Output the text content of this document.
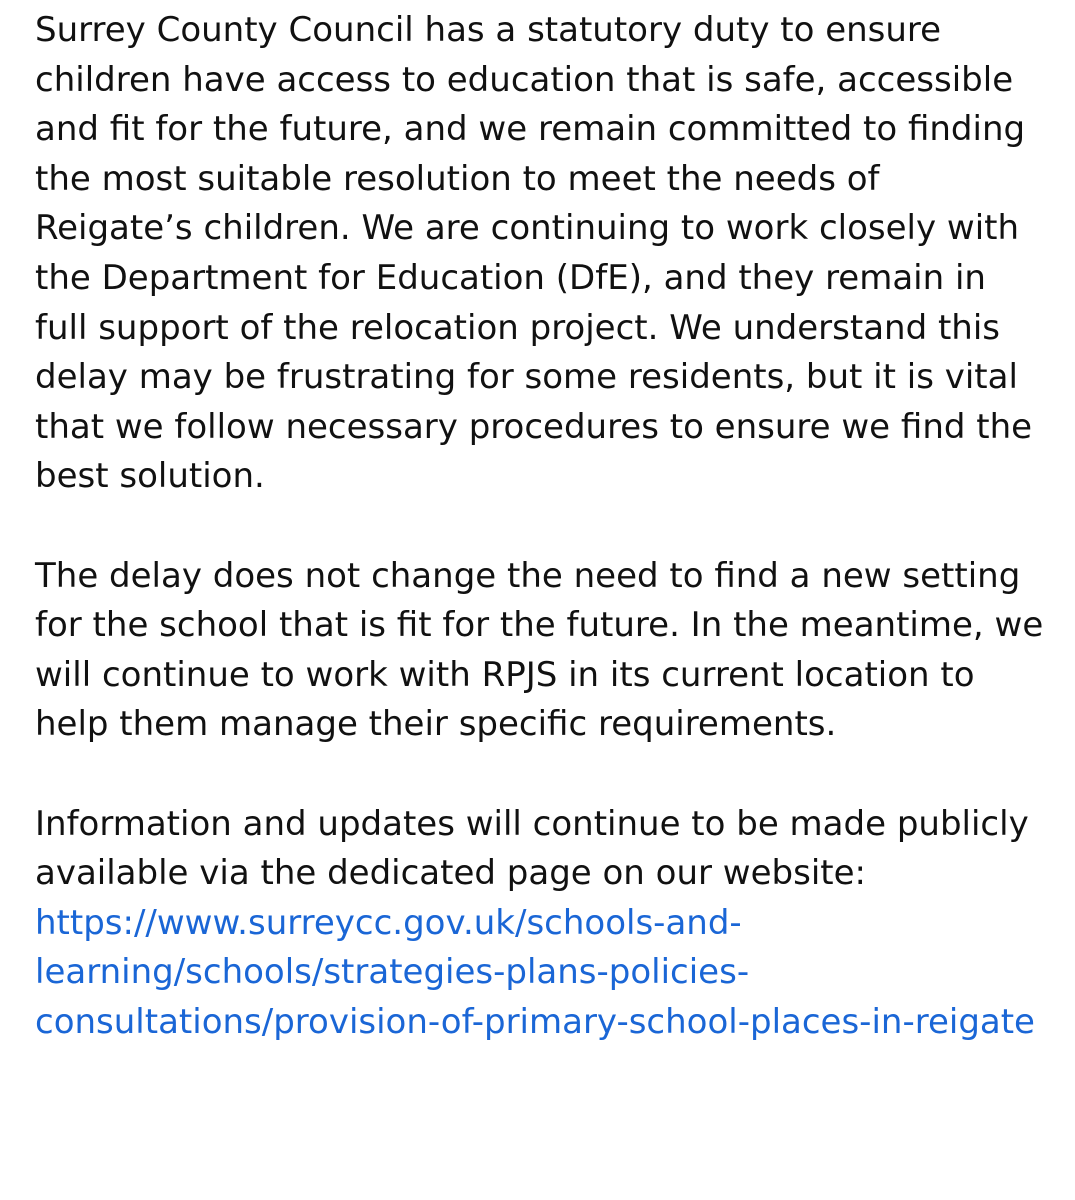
Surrey County Council has a statutory duty to ensure children have access to education that is safe, accessible and fit for the future, and we remain committed to finding the most suitable resolution to meet the needs of Reigate’s children. We are continuing to work closely with the Department for Education (DfE), and they remain in full support of the relocation project. We understand this delay may be frustrating for some residents, but it is vital that we follow necessary procedures to ensure we find the best solution.

The delay does not change the need to find a new setting for the school that is fit for the future. In the meantime, we will continue to work with RPJS in its current location to help them manage their specific requirements.

Information and updates will continue to be made publicly available via the dedicated page on our website: https://www.surreycc.gov.uk/schools-and-learning/schools/strategies-plans-policies-consultations/provision-of-primary-school-places-in-reigate
